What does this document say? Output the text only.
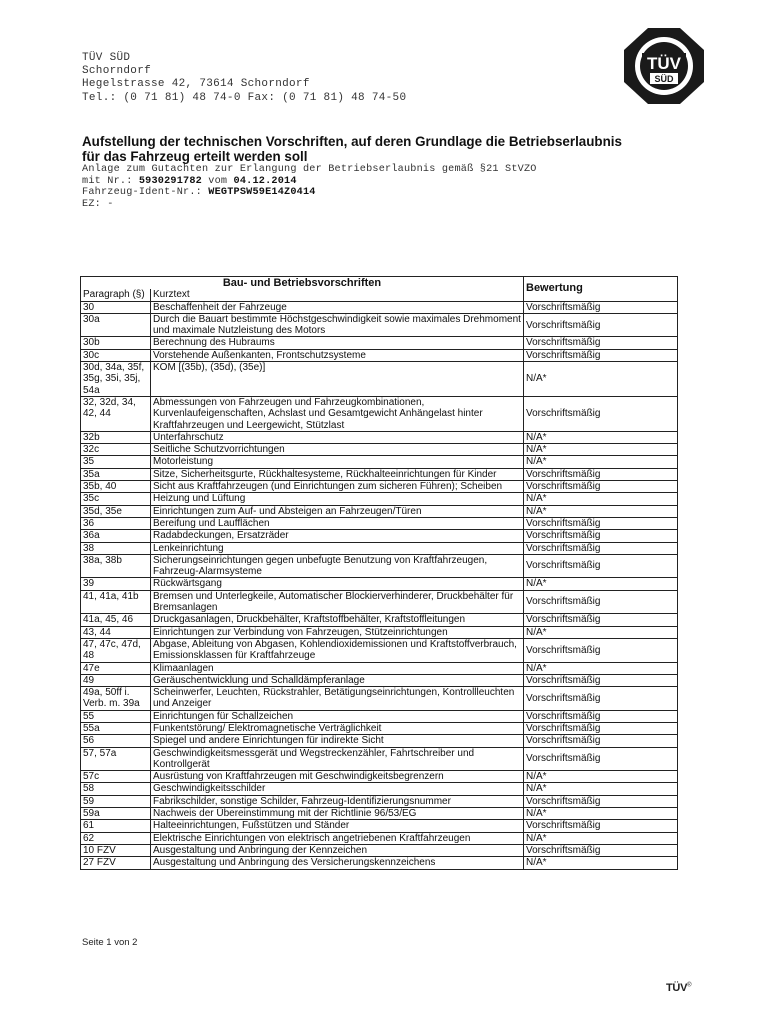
TÜV SÜD
Schorndorf
Hegelstrasse 42, 73614 Schorndorf
Tel.: (0 71 81) 48 74-0 Fax: (0 71 81) 48 74-50
TÜV
SÜD
Aufstellung der technischen Vorschriften, auf deren Grundlage die Betriebserlaubnis für das Fahrzeug erteilt werden soll
Anlage zum Gutachten zur Erlangung der Betriebserlaubnis gemäß §21 StVZO
mit Nr.: 5930291782 vom 04.12.2014
Fahrzeug-Ident-Nr.: WEGTPSW59E14Z0414
EZ: -
Bau- und Betriebsvorschriften		Bewertung
Paragraph (§)	Kurztext	
30	Beschaffenheit der Fahrzeuge	Vorschriftsmäßig
30a	Durch die Bauart bestimmte Höchstgeschwindigkeit sowie maximales Drehmoment und maximale Nutzleistung des Motors	Vorschriftsmäßig
30b	Berechnung des Hubraums	Vorschriftsmäßig
30c	Vorstehende Außenkanten, Frontschutzsysteme	Vorschriftsmäßig
30d, 34a, 35f, 35g, 35i, 35j, 54a	KOM [(35b), (35d), (35e)]	N/A*
32, 32d, 34, 42, 44	Abmessungen von Fahrzeugen und Fahrzeugkombinationen, Kurvenlaufeigenschaften, Achslast und Gesamtgewicht Anhängelast hinter Kraftfahrzeugen und Leergewicht, Stützlast	Vorschriftsmäßig
32b	Unterfahrschutz	N/A*
32c	Seitliche Schutzvorrichtungen	N/A*
35	Motorleistung	N/A*
35a	Sitze, Sicherheitsgurte, Rückhaltesysteme, Rückhalteeinrichtungen für Kinder	Vorschriftsmäßig
35b, 40	Sicht aus Kraftfahrzeugen (und Einrichtungen zum sicheren Führen); Scheiben	Vorschriftsmäßig
35c	Heizung und Lüftung	N/A*
35d, 35e	Einrichtungen zum Auf- und Absteigen an Fahrzeugen/Türen	N/A*
36	Bereifung und Laufflächen	Vorschriftsmäßig
36a	Radabdeckungen, Ersatzräder	Vorschriftsmäßig
38	Lenkeinrichtung	Vorschriftsmäßig
38a, 38b	Sicherungseinrichtungen gegen unbefugte Benutzung von Kraftfahrzeugen, Fahrzeug-Alarmsysteme	Vorschriftsmäßig
39	Rückwärtsgang	N/A*
41, 41a, 41b	Bremsen und Unterlegkeile, Automatischer Blockierverhinderer, Druckbehälter für Bremsanlagen	Vorschriftsmäßig
41a, 45, 46	Druckgasanlagen, Druckbehälter, Kraftstoffbehälter, Kraftstoffleitungen	Vorschriftsmäßig
43, 44	Einrichtungen zur Verbindung von Fahrzeugen, Stützeinrichtungen	N/A*
47, 47c, 47d, 48	Abgase, Ableitung von Abgasen, Kohlendioxidemissionen und Kraftstoffverbrauch, Emissionsklassen für Kraftfahrzeuge	Vorschriftsmäßig
47e	Klimaanlagen	N/A*
49	Geräuschentwicklung und Schalldämpferanlage	Vorschriftsmäßig
49a, 50ff i. Verb. m. 39a	Scheinwerfer, Leuchten, Rückstrahler, Betätigungseinrichtungen, Kontrollleuchten und Anzeiger	Vorschriftsmäßig
55	Einrichtungen für Schallzeichen	Vorschriftsmäßig
55a	Funkentstörung/ Elektromagnetische Verträglichkeit	Vorschriftsmäßig
56	Spiegel und andere Einrichtungen für indirekte Sicht	Vorschriftsmäßig
57, 57a	Geschwindigkeitsmessgerät und Wegstreckenzähler, Fahrtschreiber und Kontrollgerät	Vorschriftsmäßig
57c	Ausrüstung von Kraftfahrzeugen mit Geschwindigkeitsbegrenzern	N/A*
58	Geschwindigkeitsschilder	N/A*
59	Fabrikschilder, sonstige Schilder, Fahrzeug-Identifizierungsnummer	Vorschriftsmäßig
59a	Nachweis der Übereinstimmung mit der Richtlinie 96/53/EG	N/A*
61	Halteeinrichtungen, Fußstützen und Ständer	Vorschriftsmäßig
62	Elektrische Einrichtungen von elektrisch angetriebenen Kraftfahrzeugen	N/A*
10 FZV	Ausgestaltung und Anbringung der Kennzeichen	Vorschriftsmäßig
27 FZV	Ausgestaltung und Anbringung des Versicherungskennzeichens	N/A*
Seite 1 von 2
TÜV®
